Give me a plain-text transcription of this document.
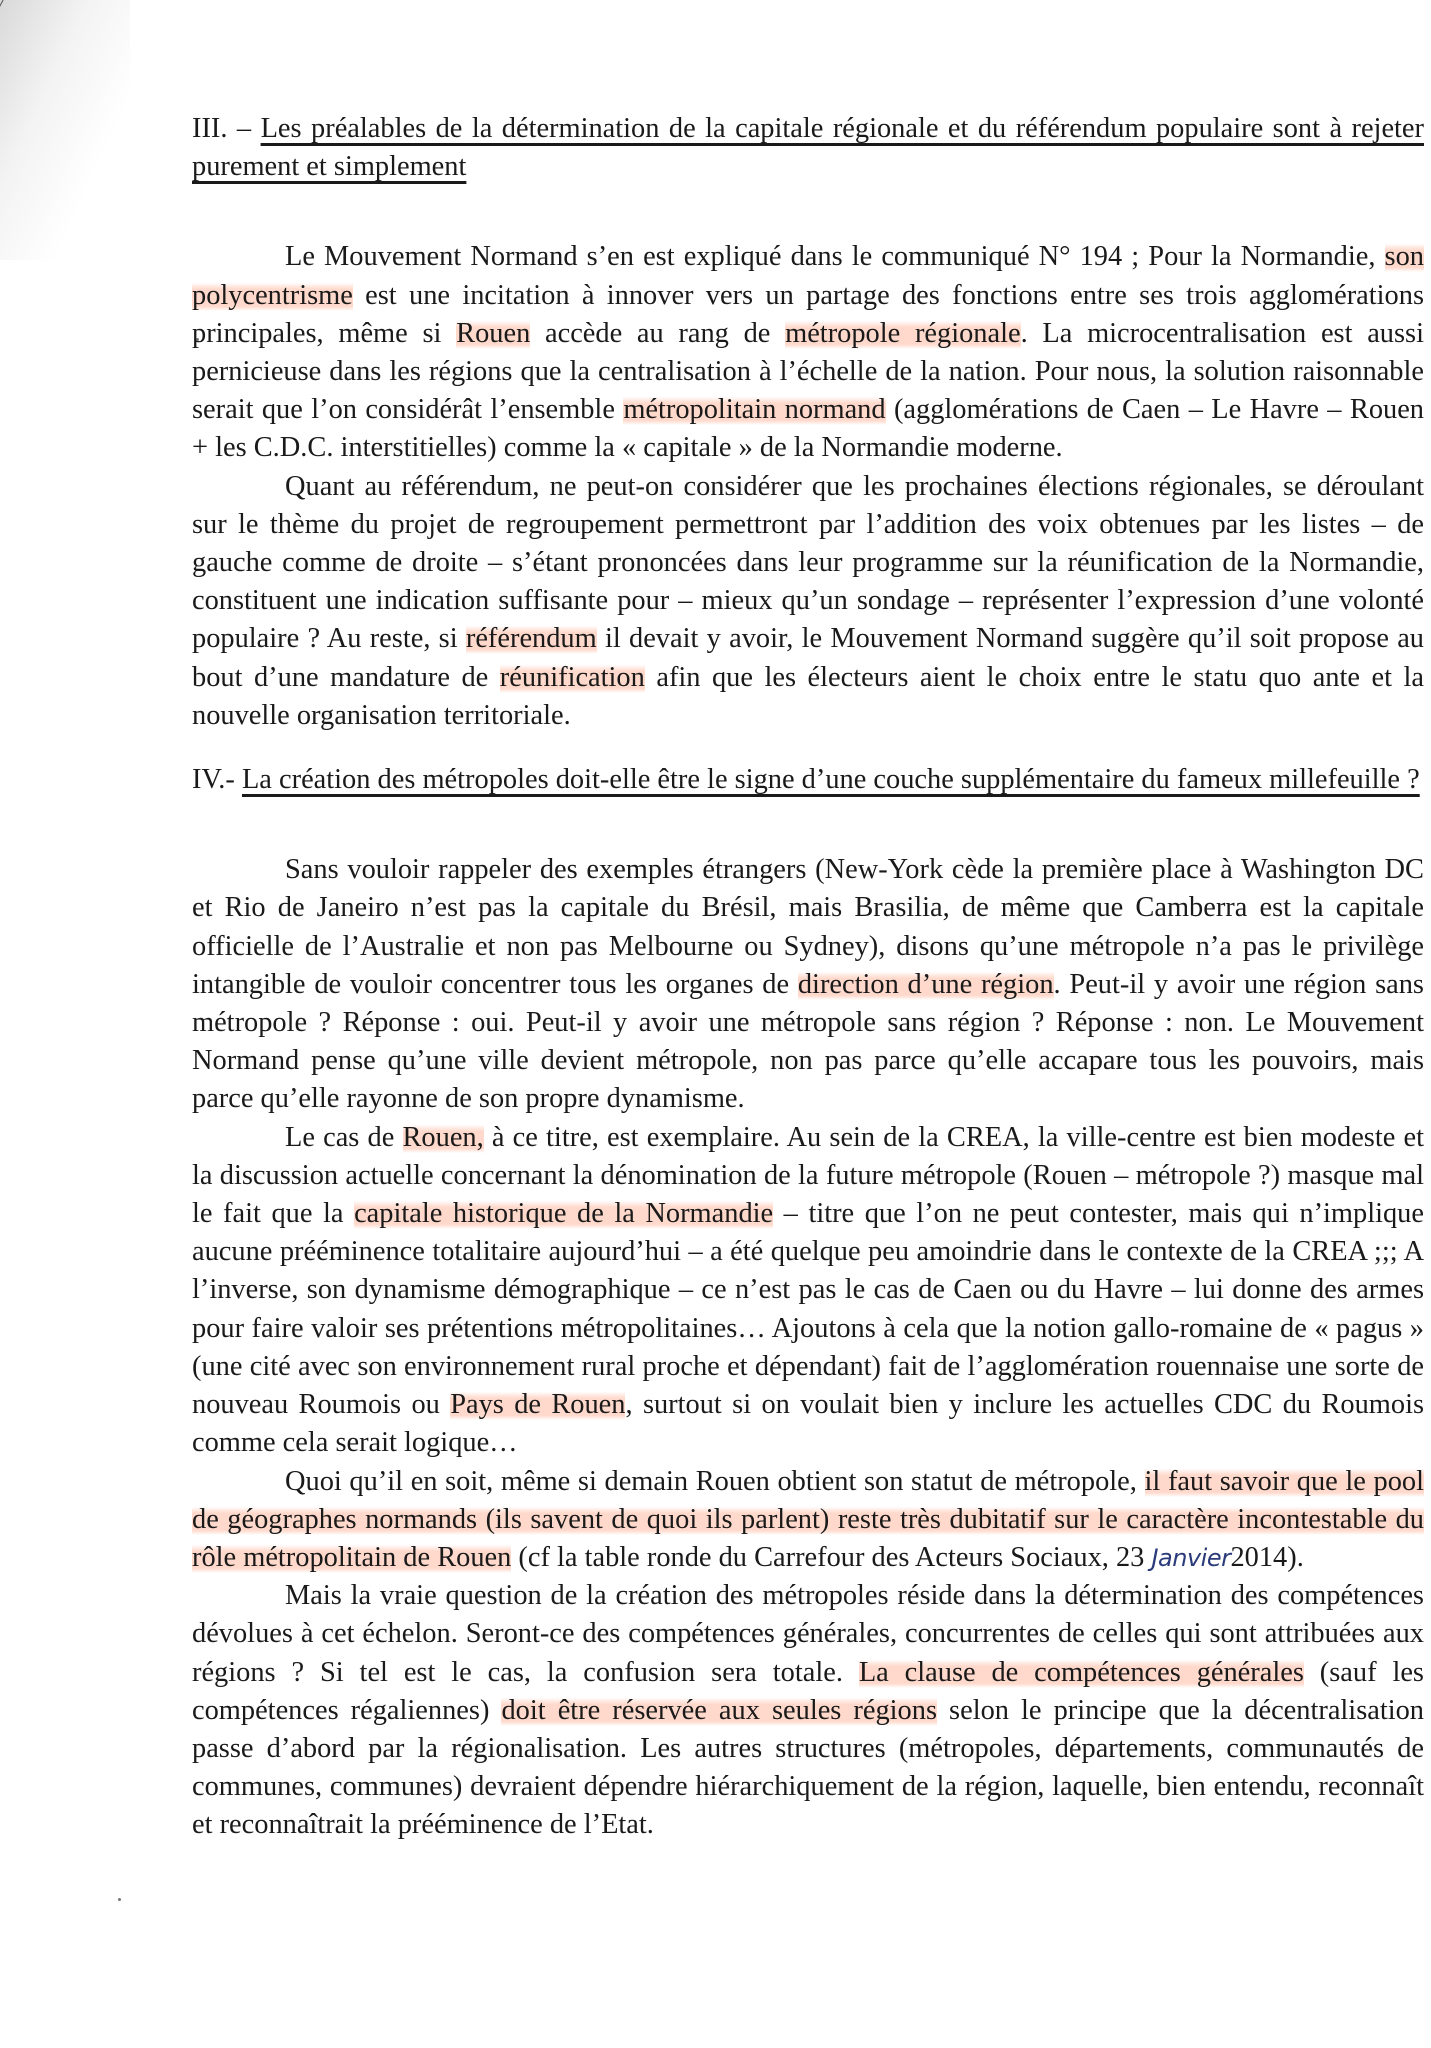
III. – Les préalables de la détermination de la capitale régionale et du référendum populaire sont à rejeter purement et simplement

Le Mouvement Normand s’en est expliqué dans le communiqué N° 194 ; Pour la Normandie, son polycentrisme est une incitation à innover vers un partage des fonctions entre ses trois agglomérations principales, même si Rouen accède au rang de métropole régionale. La microcentralisation est aussi pernicieuse dans les régions que la centralisation à l’échelle de la nation. Pour nous, la solution raisonnable serait que l’on considérât l’ensemble métropolitain normand (agglomérations de Caen – Le Havre – Rouen + les C.D.C. interstitielles) comme la « capitale » de la Normandie moderne.

Quant au référendum, ne peut-on considérer que les prochaines élections régionales, se déroulant sur le thème du projet de regroupement permettront par l’addition des voix obtenues par les listes – de gauche comme de droite – s’étant prononcées dans leur programme sur la réunification de la Normandie, constituent une indication suffisante pour – mieux qu’un sondage – représenter l’expression d’une volonté populaire ? Au reste, si référendum il devait y avoir, le Mouvement Normand suggère qu’il soit propose au bout d’une mandature de réunification afin que les électeurs aient le choix entre le statu quo ante et la nouvelle organisation territoriale.

IV.- La création des métropoles doit-elle être le signe d’une couche supplémentaire du fameux millefeuille ?

Sans vouloir rappeler des exemples étrangers (New-York cède la première place à Washington DC et Rio de Janeiro n’est pas la capitale du Brésil, mais Brasilia, de même que Camberra est la capitale officielle de l’Australie et non pas Melbourne ou Sydney), disons qu’une métropole n’a pas le privilège intangible de vouloir concentrer tous les organes de direction d’une région. Peut-il y avoir une région sans métropole ? Réponse : oui. Peut-il y avoir une métropole sans région ? Réponse : non. Le Mouvement Normand pense qu’une ville devient métropole, non pas parce qu’elle accapare tous les pouvoirs, mais parce qu’elle rayonne de son propre dynamisme.

Le cas de Rouen, à ce titre, est exemplaire. Au sein de la CREA, la ville-centre est bien modeste et la discussion actuelle concernant la dénomination de la future métropole (Rouen – métropole ?) masque mal le fait que la capitale historique de la Normandie – titre que l’on ne peut contester, mais qui n’implique aucune prééminence totalitaire aujourd’hui – a été quelque peu amoindrie dans le contexte de la CREA ;;; A l’inverse, son dynamisme démographique – ce n’est pas le cas de Caen ou du Havre – lui donne des armes pour faire valoir ses prétentions métropolitaines… Ajoutons à cela que la notion gallo-romaine de « pagus » (une cité avec son environnement rural proche et dépendant) fait de l’agglomération rouennaise une sorte de nouveau Roumois ou Pays de Rouen, surtout si on voulait bien y inclure les actuelles CDC du Roumois comme cela serait logique…

Quoi qu’il en soit, même si demain Rouen obtient son statut de métropole, il faut savoir que le pool de géographes normands (ils savent de quoi ils parlent) reste très dubitatif sur le caractère incontestable du rôle métropolitain de Rouen (cf la table ronde du Carrefour des Acteurs Sociaux, 23 Janvier2014).

Mais la vraie question de la création des métropoles réside dans la détermination des compétences dévolues à cet échelon. Seront-ce des compétences générales, concurrentes de celles qui sont attribuées aux régions ? Si tel est le cas, la confusion sera totale. La clause de compétences générales (sauf les compétences régaliennes) doit être réservée aux seules régions selon le principe que la décentralisation passe d’abord par la régionalisation. Les autres structures (métropoles, départements, communautés de communes, communes) devraient dépendre hiérarchiquement de la région, laquelle, bien entendu, reconnaît et reconnaîtrait la prééminence de l’Etat.
